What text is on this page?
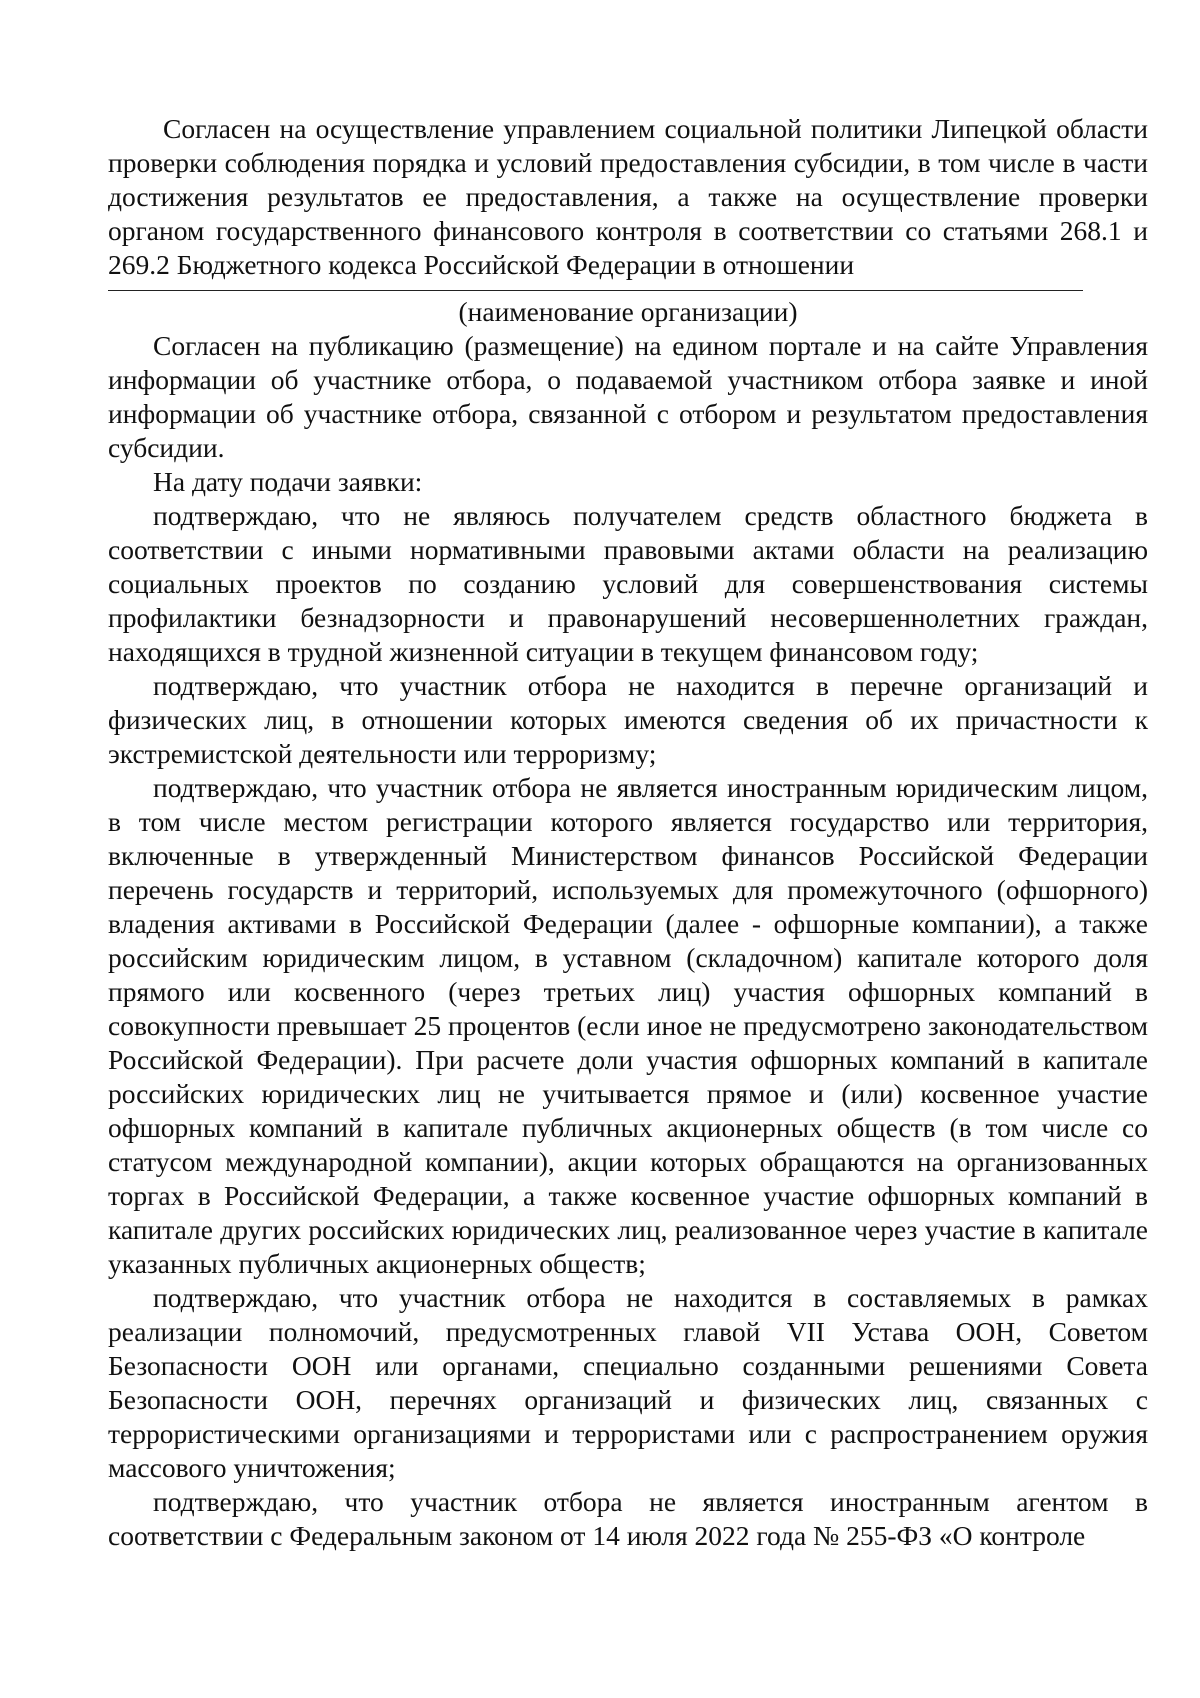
Согласен на осуществление управлением социальной политики Липецкой области проверки соблюдения порядка и условий предоставления субсидии, в том числе в части достижения результатов ее предоставления, а также на осуществление проверки органом государственного финансового контроля в соответствии со статьями 268.1 и 269.2 Бюджетного кодекса Российской Федерации в отношении

(наименование организации)

Согласен на публикацию (размещение) на едином портале и на сайте Управления информации об участнике отбора, о подаваемой участником отбора заявке и иной информации об участнике отбора, связанной с отбором и результатом предоставления субсидии.

На дату подачи заявки:

подтверждаю, что не являюсь получателем средств областного бюджета в соответствии с иными нормативными правовыми актами области на реализацию социальных проектов по созданию условий для совершенствования системы профилактики безнадзорности и правонарушений несовершеннолетних граждан, находящихся в трудной жизненной ситуации в текущем финансовом году;

подтверждаю, что участник отбора не находится в перечне организаций и физических лиц, в отношении которых имеются сведения об их причастности к экстремистской деятельности или терроризму;

подтверждаю, что участник отбора не является иностранным юридическим лицом, в том числе местом регистрации которого является государство или территория, включенные в утвержденный Министерством финансов Российской Федерации перечень государств и территорий, используемых для промежуточного (офшорного) владения активами в Российской Федерации (далее - офшорные компании), а также российским юридическим лицом, в уставном (складочном) капитале которого доля прямого или косвенного (через третьих лиц) участия офшорных компаний в совокупности превышает 25 процентов (если иное не предусмотрено законодательством Российской Федерации). При расчете доли участия офшорных компаний в капитале российских юридических лиц не учитывается прямое и (или) косвенное участие офшорных компаний в капитале публичных акционерных обществ (в том числе со статусом международной компании), акции которых обращаются на организованных торгах в Российской Федерации, а также косвенное участие офшорных компаний в капитале других российских юридических лиц, реализованное через участие в капитале указанных публичных акционерных обществ;

подтверждаю, что участник отбора не находится в составляемых в рамках реализации полномочий, предусмотренных главой VII Устава ООН, Советом Безопасности ООН или органами, специально созданными решениями Совета Безопасности ООН, перечнях организаций и физических лиц, связанных с террористическими организациями и террористами или с распространением оружия массового уничтожения;

подтверждаю, что участник отбора не является иностранным агентом в соответствии с Федеральным законом от 14 июля 2022 года № 255-ФЗ «О контроле
